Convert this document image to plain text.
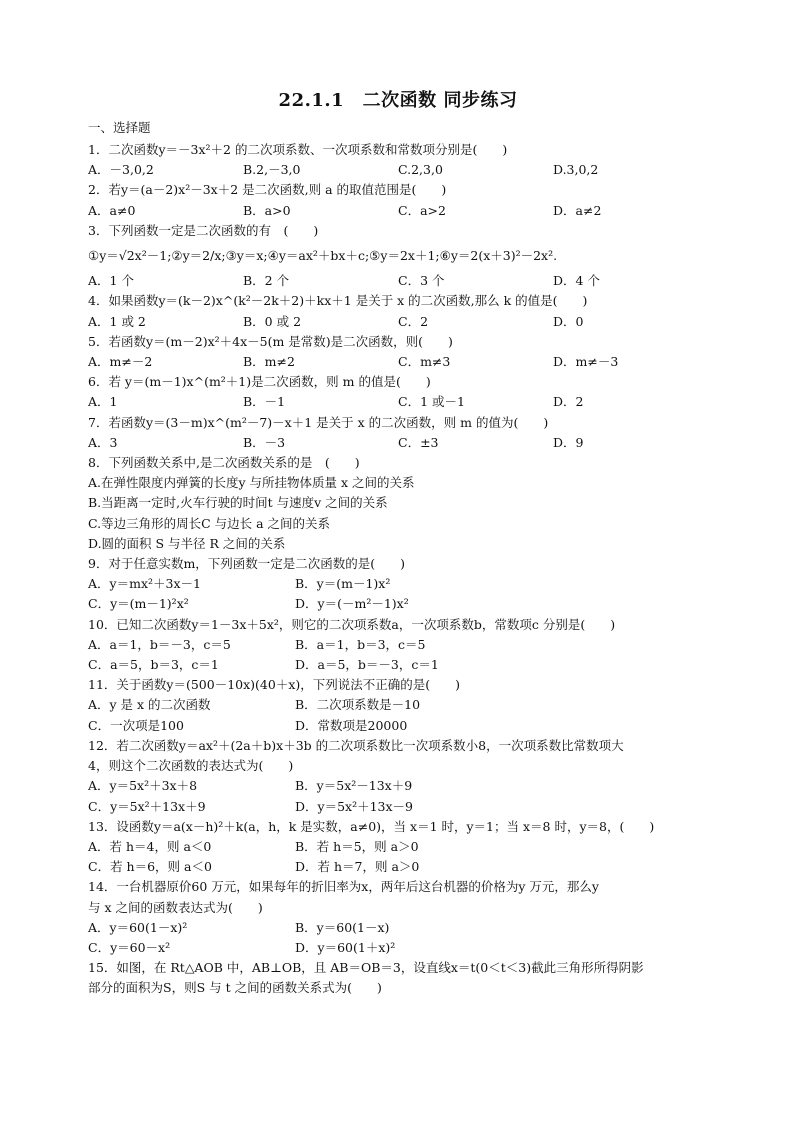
22.1.1　二次函数 同步练习
一、选择题
1．二次函数y＝－3x²＋2 的二次项系数、一次项系数和常数项分别是(　　)
A．－3,0,2	B.2,－3,0	C.2,3,0	D.3,0,2
2．若y＝(a－2)x²－3x＋2 是二次函数,则 a 的取值范围是(　　)
A．a≠0	B．a>0	C．a>2	D．a≠2
3．下列函数一定是二次函数的有　(　　)
①y＝√2x²－1;②y＝2/x;③y＝x;④y＝ax²＋bx＋c;⑤y＝2x＋1;⑥y＝2(x＋3)²－2x².
A．1 个	B．2 个	C．3 个	D．4 个
4．如果函数y＝(k－2)x^(k²－2k＋2)＋kx＋1 是关于 x 的二次函数,那么 k 的值是(　　)
A．1 或 2	B．0 或 2	C．2	D．0
5．若函数y＝(m－2)x²＋4x－5(m 是常数)是二次函数，则(　　)
A．m≠－2	B．m≠2	C．m≠3	D．m≠－3
6．若 y＝(m－1)x^(m²＋1)是二次函数，则 m 的值是(　　)
A．1	B．－1	C．1 或－1	D．2
7．若函数y＝(3－m)x^(m²－7)－x＋1 是关于 x 的二次函数，则 m 的值为(　　)
A．3	B．－3	C．±3	D．9
8．下列函数关系中,是二次函数关系的是　(　　)
A.在弹性限度内弹簧的长度y 与所挂物体质量 x 之间的关系
B.当距离一定时,火车行驶的时间t 与速度v 之间的关系
C.等边三角形的周长C 与边长 a 之间的关系
D.圆的面积 S 与半径 R 之间的关系
9．对于任意实数m，下列函数一定是二次函数的是(　　)
A．y＝mx²＋3x－1	B．y＝(m－1)x²
C．y＝(m－1)²x²	D．y＝(－m²－1)x²
10．已知二次函数y＝1－3x＋5x²，则它的二次项系数a，一次项系数b，常数项c 分别是(　　)
A．a＝1，b＝－3，c＝5	B．a＝1，b＝3，c＝5
C．a＝5，b＝3，c＝1	D．a＝5，b＝－3，c＝1
11．关于函数y＝(500－10x)(40＋x)，下列说法不正确的是(　　)
A．y 是 x 的二次函数	B．二次项系数是－10
C．一次项是100	D．常数项是20000
12．若二次函数y＝ax²＋(2a＋b)x＋3b 的二次项系数比一次项系数小8，一次项系数比常数项大
4，则这个二次函数的表达式为(　　)
A．y＝5x²＋3x＋8	B．y＝5x²－13x＋9
C．y＝5x²＋13x＋9	D．y＝5x²＋13x－9
13．设函数y＝a(x－h)²＋k(a，h，k 是实数，a≠0)，当 x＝1 时，y＝1；当 x＝8 时，y＝8，(　　)
A．若 h＝4，则 a＜0	B．若 h＝5，则 a＞0
C．若 h＝6，则 a＜0	D．若 h＝7，则 a＞0
14．一台机器原价60 万元，如果每年的折旧率为x，两年后这台机器的价格为y 万元，那么y
与 x 之间的函数表达式为(　　)
A．y＝60(1－x)²	B．y＝60(1－x)
C．y＝60－x²	D．y＝60(1＋x)²
15．如图，在 Rt△AOB 中，AB⊥OB，且 AB＝OB＝3，设直线x＝t(0＜t＜3)截此三角形所得阴影
部分的面积为S，则S 与 t 之间的函数关系式为(　　)
